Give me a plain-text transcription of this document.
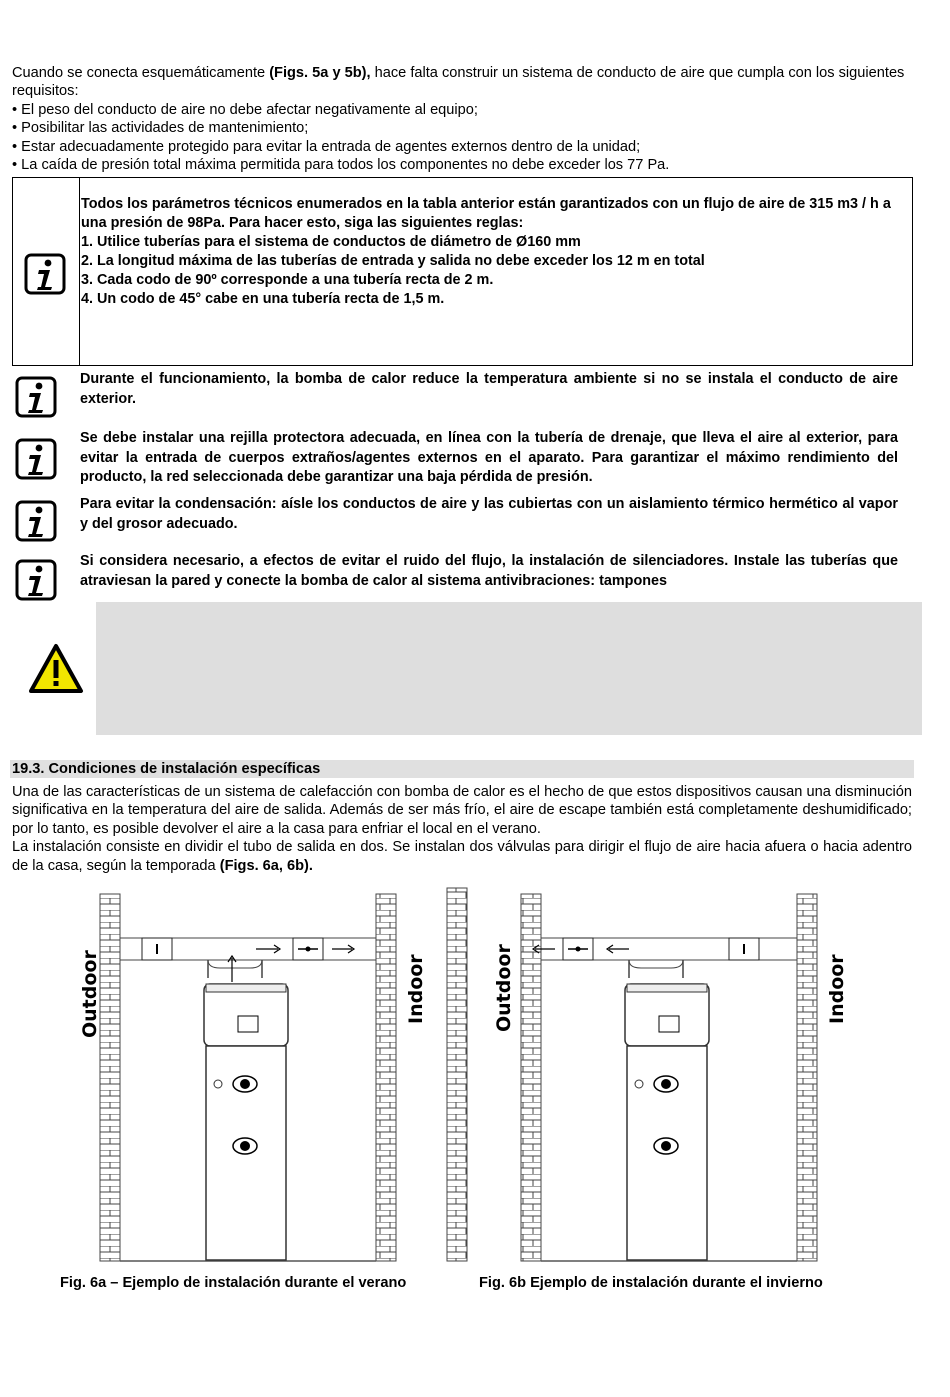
Cuando se conecta esquemáticamente (Figs. 5a y 5b), hace falta construir un sistema de conducto de aire que cumpla con los siguientes requisitos:
• El peso del conducto de aire no debe afectar negativamente al equipo;
• Posibilitar las actividades de mantenimiento;
• Estar adecuadamente protegido para evitar la entrada de agentes externos dentro de la unidad;
• La caída de presión total máxima permitida para todos los componentes no debe exceder los 77 Pa.
Todos los parámetros técnicos enumerados en la tabla anterior están garantizados con un flujo de aire de 315 m3 / h a una presión de 98Pa. Para hacer esto, siga las siguientes reglas:
1. Utilice tuberías para el sistema de conductos de diámetro de Ø160 mm
2. La longitud máxima de las tuberías de entrada y salida no debe exceder los 12 m en total
3. Cada codo de 90º corresponde a una tubería recta de 2 m.
4. Un codo de 45° cabe en una tubería recta de 1,5 m.
Durante el funcionamiento, la bomba de calor reduce la temperatura ambiente si no se instala el conducto de aire exterior.
Se debe instalar una rejilla protectora adecuada, en línea con la tubería de drenaje, que lleva el aire al exterior, para evitar la entrada de cuerpos extraños/agentes externos en el aparato. Para garantizar el máximo rendimiento del producto, la red seleccionada debe garantizar una baja pérdida de presión.
Para evitar la condensación: aísle los conductos de aire y las cubiertas con un aislamiento térmico hermético al vapor y del grosor adecuado.
Si considera necesario, a efectos de evitar el ruido del flujo, la instalación de silenciadores. Instale las tuberías que atraviesan la pared y conecte la bomba de calor al sistema antivibraciones: tampones
19.3. Condiciones de instalación específicas
Una de las características de un sistema de calefacción con bomba de calor es el hecho de que estos dispositivos causan una disminución significativa en la temperatura del aire de salida. Además de ser más frío, el aire de escape también está completamente deshumidificado; por lo tanto, es posible devolver el aire a la casa para enfriar el local en el verano.
La instalación consiste en dividir el tubo de salida en dos. Se instalan dos válvulas para dirigir el flujo de aire hacia afuera o hacia adentro de la casa, según la temporada (Figs. 6a, 6b).
Outdoor	Indoor	Outdoor	Indoor
Fig. 6a – Ejemplo de instalación durante el verano	Fig. 6b Ejemplo de instalación durante el invierno
